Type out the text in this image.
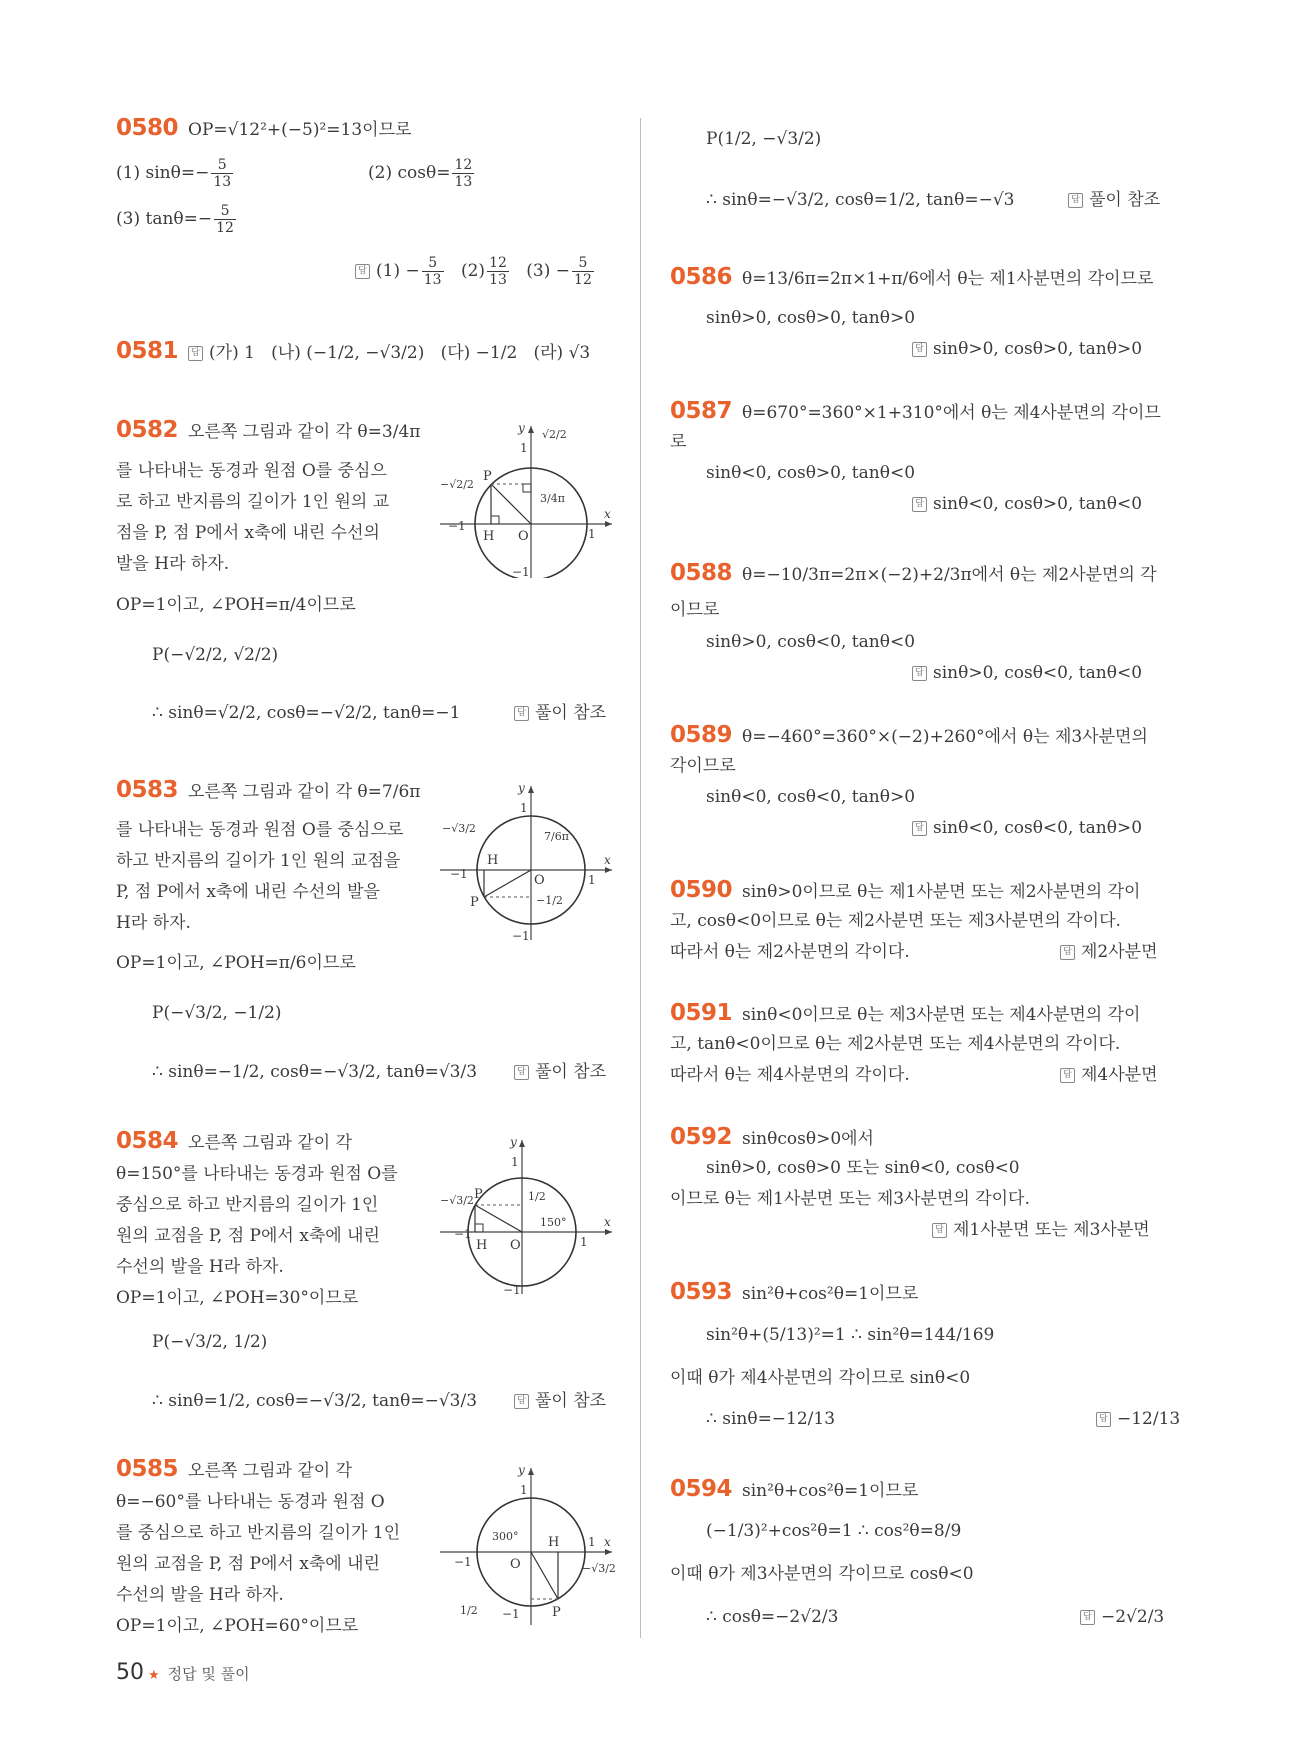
0580 OP=√12²+(−5)²=13이므로
(1) $\sin\theta=- \frac{5}{13}$	(2) $\cos\theta= \frac{12}{13}$
(3) $\tan\theta=- \frac{5}{12}$
답 $(1) - \frac{5}{13} (2) \frac{12}{13} (3) - \frac{5}{12}$
0581 답 (가) 1 (나) (−1/2, −√3/2) (다) −1/2 (라) √3
0582 오른쪽 그림과 같이 각 θ=3/4π
를 나타내는 동경과 원점 O를 중심으
로 하고 반지름의 길이가 1인 원의 교
점을 P, 점 P에서 x축에 내린 수선의
발을 H라 하자.
OP=1이고, ∠POH=π/4이므로
P(−√2/2, √2/2)
∴ sinθ=√2/2, cosθ=−√2/2, tanθ=−1	답 풀이 참조
y
x
1
1
−1
−1
O
H
P
−√2/2
√2/2
3/4π
0583 오른쪽 그림과 같이 각 θ=7/6π
를 나타내는 동경과 원점 O를 중심으로
하고 반지름의 길이가 1인 원의 교점을
P, 점 P에서 x축에 내린 수선의 발을
H라 하자.
OP=1이고, ∠POH=π/6이므로
P(−√3/2, −1/2)
∴ sinθ=−1/2, cosθ=−√3/2, tanθ=√3/3	답 풀이 참조
y
x
1
1
−1
−1
O
H
P
−√3/2
−1/2
7/6π
0584 오른쪽 그림과 같이 각
θ=150°를 나타내는 동경과 원점 O를
중심으로 하고 반지름의 길이가 1인
원의 교점을 P, 점 P에서 x축에 내린
수선의 발을 H라 하자.
OP=1이고, ∠POH=30°이므로
P(−√3/2, 1/2)
∴ sinθ=1/2, cosθ=−√3/2, tanθ=−√3/3	답 풀이 참조
y
x
1
1
−1
−1
O
H
P
−√3/2	1/2
150°
0585 오른쪽 그림과 같이 각
θ=−60°를 나타내는 동경과 원점 O
를 중심으로 하고 반지름의 길이가 1인
원의 교점을 P, 점 P에서 x축에 내린
수선의 발을 H라 하자.
OP=1이고, ∠POH=60°이므로
y
x
1
1
−1
−1
O
H
P
1/2
−√3/2
300°
P(1/2, −√3/2)
∴ sinθ=−√3/2, cosθ=1/2, tanθ=−√3	답 풀이 참조
0586 θ=13/6π=2π×1+π/6에서 θ는 제1사분면의 각이므로
sinθ>0, cosθ>0, tanθ>0
답 sinθ>0, cosθ>0, tanθ>0
0587 θ=670°=360°×1+310°에서 θ는 제4사분면의 각이므
로
sinθ<0, cosθ>0, tanθ<0
답 sinθ<0, cosθ>0, tanθ<0
0588 θ=−10/3π=2π×(−2)+2/3π에서 θ는 제2사분면의 각
이므로
sinθ>0, cosθ<0, tanθ<0
답 sinθ>0, cosθ<0, tanθ<0
0589 θ=−460°=360°×(−2)+260°에서 θ는 제3사분면의
각이므로
sinθ<0, cosθ<0, tanθ>0
답 sinθ<0, cosθ<0, tanθ>0
0590 sinθ>0이므로 θ는 제1사분면 또는 제2사분면의 각이
고, cosθ<0이므로 θ는 제2사분면 또는 제3사분면의 각이다.
따라서 θ는 제2사분면의 각이다.	답 제2사분면
0591 sinθ<0이므로 θ는 제3사분면 또는 제4사분면의 각이
고, tanθ<0이므로 θ는 제2사분면 또는 제4사분면의 각이다.
따라서 θ는 제4사분면의 각이다.	답 제4사분면
0592 sinθcosθ>0에서
sinθ>0, cosθ>0 또는 sinθ<0, cosθ<0
이므로 θ는 제1사분면 또는 제3사분면의 각이다.
답 제1사분면 또는 제3사분면
0593 sin²θ+cos²θ=1이므로
sin²θ+(5/13)²=1 ∴ sin²θ=144/169
이때 θ가 제4사분면의 각이므로 sinθ<0
∴ sinθ=−12/13	답 −12/13
0594 sin²θ+cos²θ=1이므로
(−1/3)²+cos²θ=1 ∴ cos²θ=8/9
이때 θ가 제3사분면의 각이므로 cosθ<0
∴ cosθ=−2√2/3	답 −2√2/3
50 ★ 정답 및 풀이
